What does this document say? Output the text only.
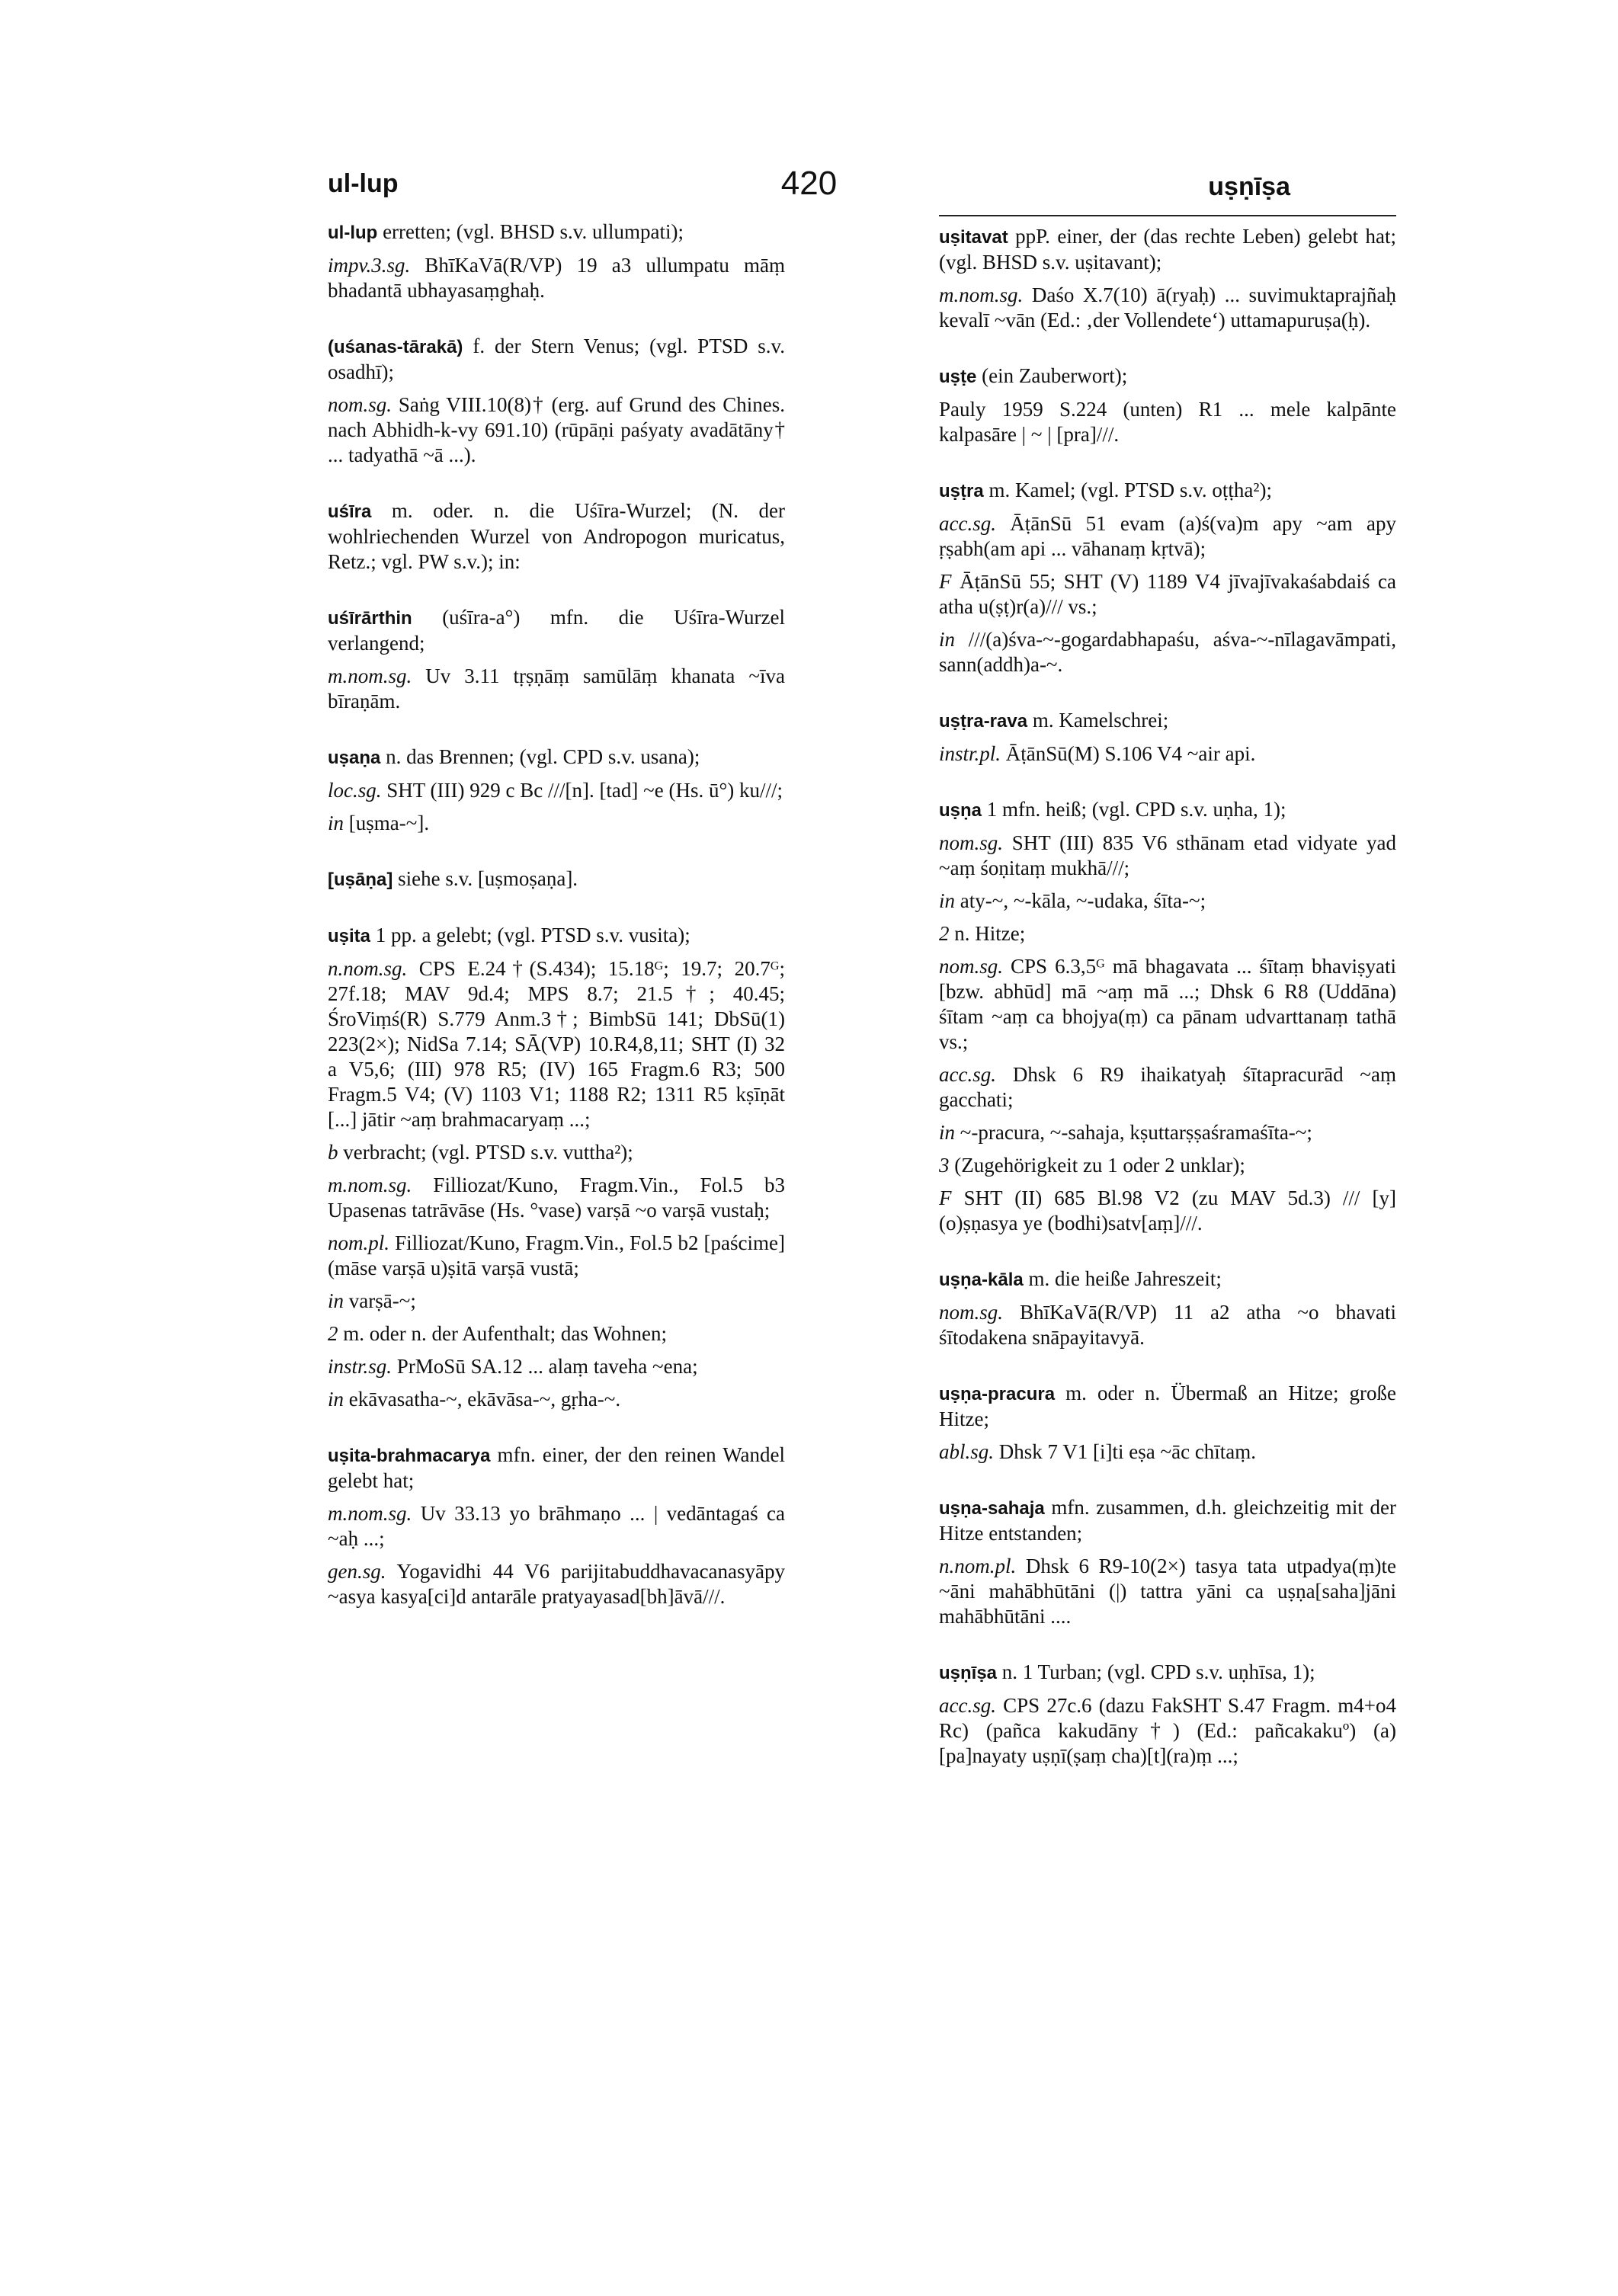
ul-lup	420	uṣṇīṣa
ul-lup erretten; (vgl. BHSD s.v. ullumpati);
impv.3.sg. BhīKaVā(R/VP) 19 a3 ullumpatu māṃ bhadantā ubhayasaṃghaḥ.
(uśanas-tārakā) f. der Stern Venus; (vgl. PTSD s.v. osadhī);
nom.sg. Saṅg VIII.10(8)† (erg. auf Grund des Chines. nach Abhidh-k-vy 691.10) (rūpāṇi paśyaty avadātāny† ... tadyathā ~ā ...).
uśīra m. oder. n. die Uśīra-Wurzel; (N. der wohlriechenden Wurzel von Andropogon muricatus, Retz.; vgl. PW s.v.); in:
uśīrārthin (uśīra-a°) mfn. die Uśīra-Wurzel verlangend;
m.nom.sg. Uv 3.11 tṛṣṇāṃ samūlāṃ khanata ~īva bīraṇām.
uṣaṇa n. das Brennen; (vgl. CPD s.v. usana);
loc.sg. SHT (III) 929 c Bc ///[n]. [tad] ~e (Hs. ū°) ku///;
in [uṣma-~].
[uṣāṇa] siehe s.v. [uṣmoṣaṇa].
uṣita 1 pp. a gelebt; (vgl. PTSD s.v. vusita);
n.nom.sg. CPS E.24†(S.434); 15.18ᴳ; 19.7; 20.7ᴳ; 27f.18; MAV 9d.4; MPS 8.7; 21.5†; 40.45; ŚroViṃś(R) S.779 Anm.3†; BimbSū 141; DbSū(1) 223(2×); NidSa 7.14; SĀ(VP) 10.R4,8,11; SHT (I) 32 a V5,6; (III) 978 R5; (IV) 165 Fragm.6 R3; 500 Fragm.5 V4; (V) 1103 V1; 1188 R2; 1311 R5 kṣīṇāt [...] jātir ~aṃ brahmacaryaṃ ...;
b verbracht; (vgl. PTSD s.v. vuttha²);
m.nom.sg. Filliozat/Kuno, Fragm.Vin., Fol.5 b3 Upasenas tatrāvāse (Hs. °vase) varṣā ~o varṣā vustaḥ;
nom.pl. Filliozat/Kuno, Fragm.Vin., Fol.5 b2 [paścime] (māse varṣā u)ṣitā varṣā vustā;
in varṣā-~;
2 m. oder n. der Aufenthalt; das Wohnen;
instr.sg. PrMoSū SA.12 ... alaṃ taveha ~ena;
in ekāvasatha-~, ekāvāsa-~, gṛha-~.
uṣita-brahmacarya mfn. einer, der den reinen Wandel gelebt hat;
m.nom.sg. Uv 33.13 yo brāhmaṇo ... | vedāntagaś ca ~aḥ ...;
gen.sg. Yogavidhi 44 V6 parijitabuddhavacanasyāpy ~asya kasya[ci]d antarāle pratyayasad[bh]āvā///.
uṣitavat ppP. einer, der (das rechte Leben) gelebt hat; (vgl. BHSD s.v. uṣitavant);
m.nom.sg. Daśo X.7(10) ā(ryaḥ) ... suvimuktaprajñaḥ kevalī ~vān (Ed.: ‚der Vollendete‘) uttamapuruṣa(ḥ).
uṣṭe (ein Zauberwort);
Pauly 1959 S.224 (unten) R1 ... mele kalpānte kalpasāre | ~ | [pra]///.
uṣṭra m. Kamel; (vgl. PTSD s.v. oṭṭha²);
acc.sg. ĀṭānSū 51 evam (a)ś(va)m apy ~am apy ṛṣabh(am api ... vāhanaṃ kṛtvā);
F ĀṭānSū 55; SHT (V) 1189 V4 jīvajīvakaśabdaiś ca atha u(ṣṭ)r(a)/// vs.;
in ///(a)śva-~-gogardabhapaśu, aśva-~-nīlagavāmpati, sann(addh)a-~.
uṣṭra-rava m. Kamelschrei;
instr.pl. ĀṭānSū(M) S.106 V4 ~air api.
uṣṇa 1 mfn. heiß; (vgl. CPD s.v. uṇha, 1);
nom.sg. SHT (III) 835 V6 sthānam etad vidyate yad ~aṃ śoṇitaṃ mukhā///;
in aty-~, ~-kāla, ~-udaka, śīta-~;
2 n. Hitze;
nom.sg. CPS 6.3,5ᴳ mā bhagavata ... śītaṃ bhaviṣyati [bzw. abhūd] mā ~aṃ mā ...; Dhsk 6 R8 (Uddāna) śītam ~aṃ ca bhojya(ṃ) ca pānam udvarttanaṃ tathā vs.;
acc.sg. Dhsk 6 R9 ihaikatyaḥ śītapracurād ~aṃ gacchati;
in ~-pracura, ~-sahaja, kṣuttarṣṣaśramaśīta-~;
3 (Zugehörigkeit zu 1 oder 2 unklar);
F SHT (II) 685 Bl.98 V2 (zu MAV 5d.3) /// [y](o)ṣṇasya ye (bodhi)satv[aṃ]///.
uṣṇa-kāla m. die heiße Jahreszeit;
nom.sg. BhīKaVā(R/VP) 11 a2 atha ~o bhavati śītodakena snāpayitavyā.
uṣṇa-pracura m. oder n. Übermaß an Hitze; große Hitze;
abl.sg. Dhsk 7 V1 [i]ti eṣa ~āc chītaṃ.
uṣṇa-sahaja mfn. zusammen, d.h. gleichzeitig mit der Hitze entstanden;
n.nom.pl. Dhsk 6 R9-10(2×) tasya tata utpadya(ṃ)te ~āni mahābhūtāni (|) tattra yāni ca uṣṇa[saha]jāni mahābhūtāni ....
uṣṇīṣa n. 1 Turban; (vgl. CPD s.v. uṇhīsa, 1);
acc.sg. CPS 27c.6 (dazu FakSHT S.47 Fragm. m4+o4 Rc) (pañca kakudāny†) (Ed.: pañcakakuº) (a)[pa]nayaty uṣṇī(ṣaṃ cha)[t](ra)ṃ ...;
